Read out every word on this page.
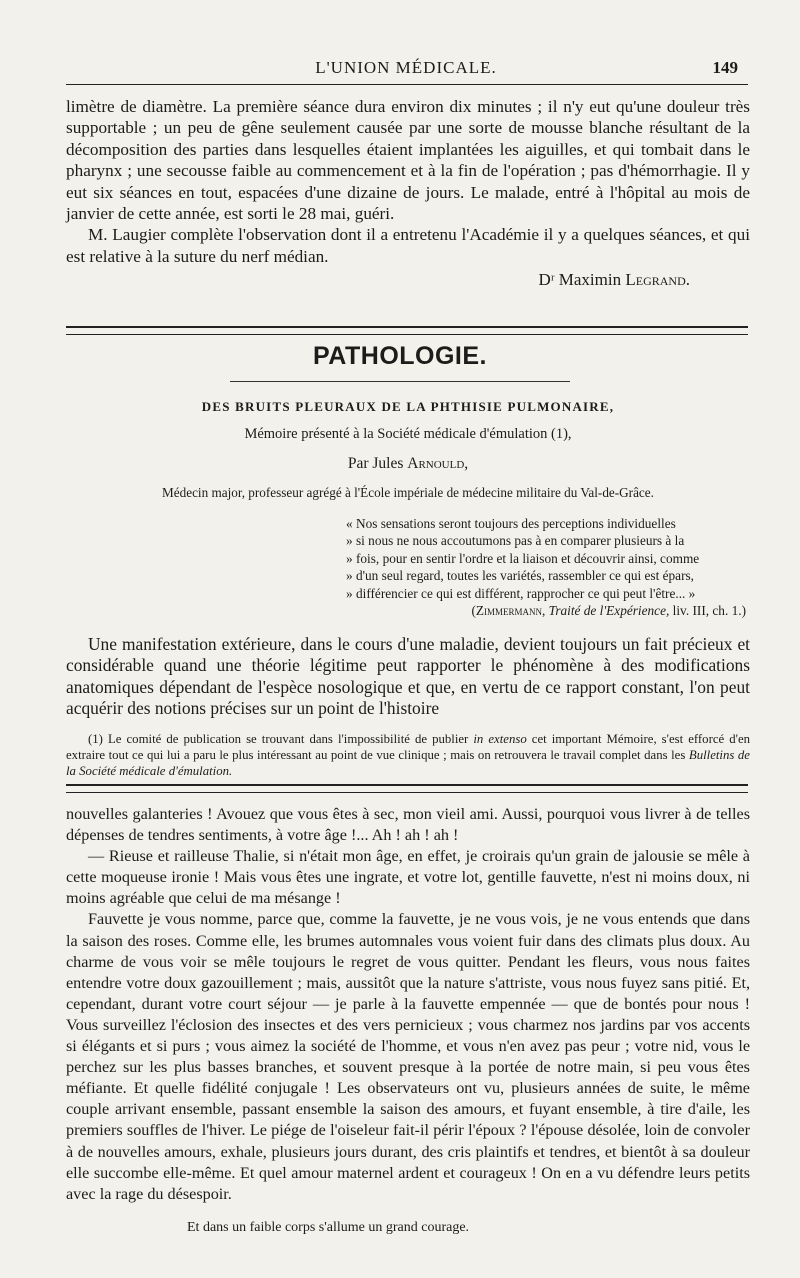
L'UNION MÉDICALE.	149
limètre de diamètre. La première séance dura environ dix minutes ; il n'y eut qu'une douleur très supportable ; un peu de gêne seulement causée par une sorte de mousse blanche résultant de la décomposition des parties dans lesquelles étaient implantées les aiguilles, et qui tombait dans le pharynx ; une secousse faible au commencement et à la fin de l'opération ; pas d'hémorrhagie. Il y eut six séances en tout, espacées d'une dizaine de jours. Le malade, entré à l'hôpital au mois de janvier de cette année, est sorti le 28 mai, guéri.
M. Laugier complète l'observation dont il a entretenu l'Académie il y a quelques séances, et qui est relative à la suture du nerf médian.
Dʳ Maximin Legrand.
PATHOLOGIE.
DES BRUITS PLEURAUX DE LA PHTHISIE PULMONAIRE,
Mémoire présenté à la Société médicale d'émulation (1),
Par Jules Arnould,
Médecin major, professeur agrégé à l'École impériale de médecine militaire du Val-de-Grâce.
« Nos sensations seront toujours des perceptions individuelles
» si nous ne nous accoutumons pas à en comparer plusieurs à la
» fois, pour en sentir l'ordre et la liaison et découvrir ainsi, comme
» d'un seul regard, toutes les variétés, rassembler ce qui est épars,
» différencier ce qui est différent, rapprocher ce qui peut l'être... »
(Zimmermann, Traité de l'Expérience, liv. III, ch. 1.)
Une manifestation extérieure, dans le cours d'une maladie, devient toujours un fait précieux et considérable quand une théorie légitime peut rapporter le phénomène à des modifications anatomiques dépendant de l'espèce nosologique et que, en vertu de ce rapport constant, l'on peut acquérir des notions précises sur un point de l'histoire
(1) Le comité de publication se trouvant dans l'impossibilité de publier in extenso cet important Mémoire, s'est efforcé d'en extraire tout ce qui lui a paru le plus intéressant au point de vue clinique ; mais on retrouvera le travail complet dans les Bulletins de la Société médicale d'émulation.
nouvelles galanteries ! Avouez que vous êtes à sec, mon vieil ami. Aussi, pourquoi vous livrer à de telles dépenses de tendres sentiments, à votre âge !... Ah ! ah ! ah !
— Rieuse et railleuse Thalie, si n'était mon âge, en effet, je croirais qu'un grain de jalousie se mêle à cette moqueuse ironie ! Mais vous êtes une ingrate, et votre lot, gentille fauvette, n'est ni moins doux, ni moins agréable que celui de ma mésange !
Fauvette je vous nomme, parce que, comme la fauvette, je ne vous vois, je ne vous entends que dans la saison des roses. Comme elle, les brumes automnales vous voient fuir dans des climats plus doux. Au charme de vous voir se mêle toujours le regret de vous quitter. Pendant les fleurs, vous nous faites entendre votre doux gazouillement ; mais, aussitôt que la nature s'attriste, vous nous fuyez sans pitié. Et, cependant, durant votre court séjour — je parle à la fauvette empennée — que de bontés pour nous ! Vous surveillez l'éclosion des insectes et des vers pernicieux ; vous charmez nos jardins par vos accents si élégants et si purs ; vous aimez la société de l'homme, et vous n'en avez pas peur ; votre nid, vous le perchez sur les plus basses branches, et souvent presque à la portée de notre main, si peu vous êtes méfiante. Et quelle fidélité conjugale ! Les observateurs ont vu, plusieurs années de suite, le même couple arrivant ensemble, passant ensemble la saison des amours, et fuyant ensemble, à tire d'aile, les premiers souffles de l'hiver. Le piége de l'oiseleur fait-il périr l'époux ? l'épouse désolée, loin de convoler à de nouvelles amours, exhale, plusieurs jours durant, des cris plaintifs et tendres, et bientôt à sa douleur elle succombe elle-même. Et quel amour maternel ardent et courageux ! On en a vu défendre leurs petits avec la rage du désespoir.
Et dans un faible corps s'allume un grand courage.
